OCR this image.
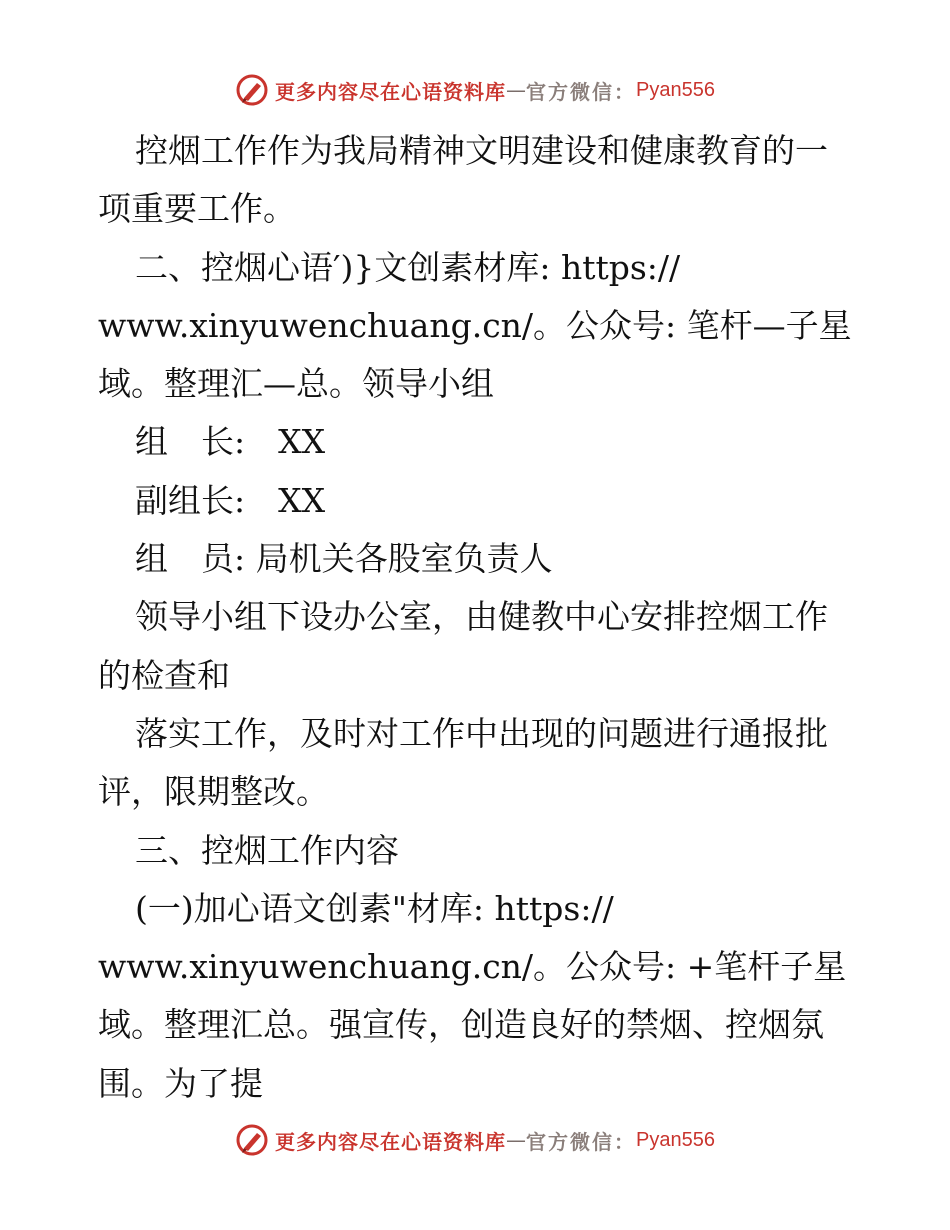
更多内容尽在心语资料库 — 官方微信： Pyan556
控烟工作作为我局精神文明建设和健康教育的一
项重要工作。
二、控烟心语′)}文创素材库: https://
www.xinyuwenchuang.cn/。公众号: 笔杆—子星
域。整理汇—总。领导小组
组　长:　XX
副组长:　XX
组　员: 局机关各股室负责人
领导小组下设办公室，由健教中心安排控烟工作
的检查和
落实工作，及时对工作中出现的问题进行通报批
评，限期整改。
三、控烟工作内容
(一)加心语文创素"材库: https://
www.xinyuwenchuang.cn/。公众号: +笔杆子星
域。整理汇总。强宣传，创造良好的禁烟、控烟氛
围。为了提
更多内容尽在心语资料库 — 官方微信： Pyan556
